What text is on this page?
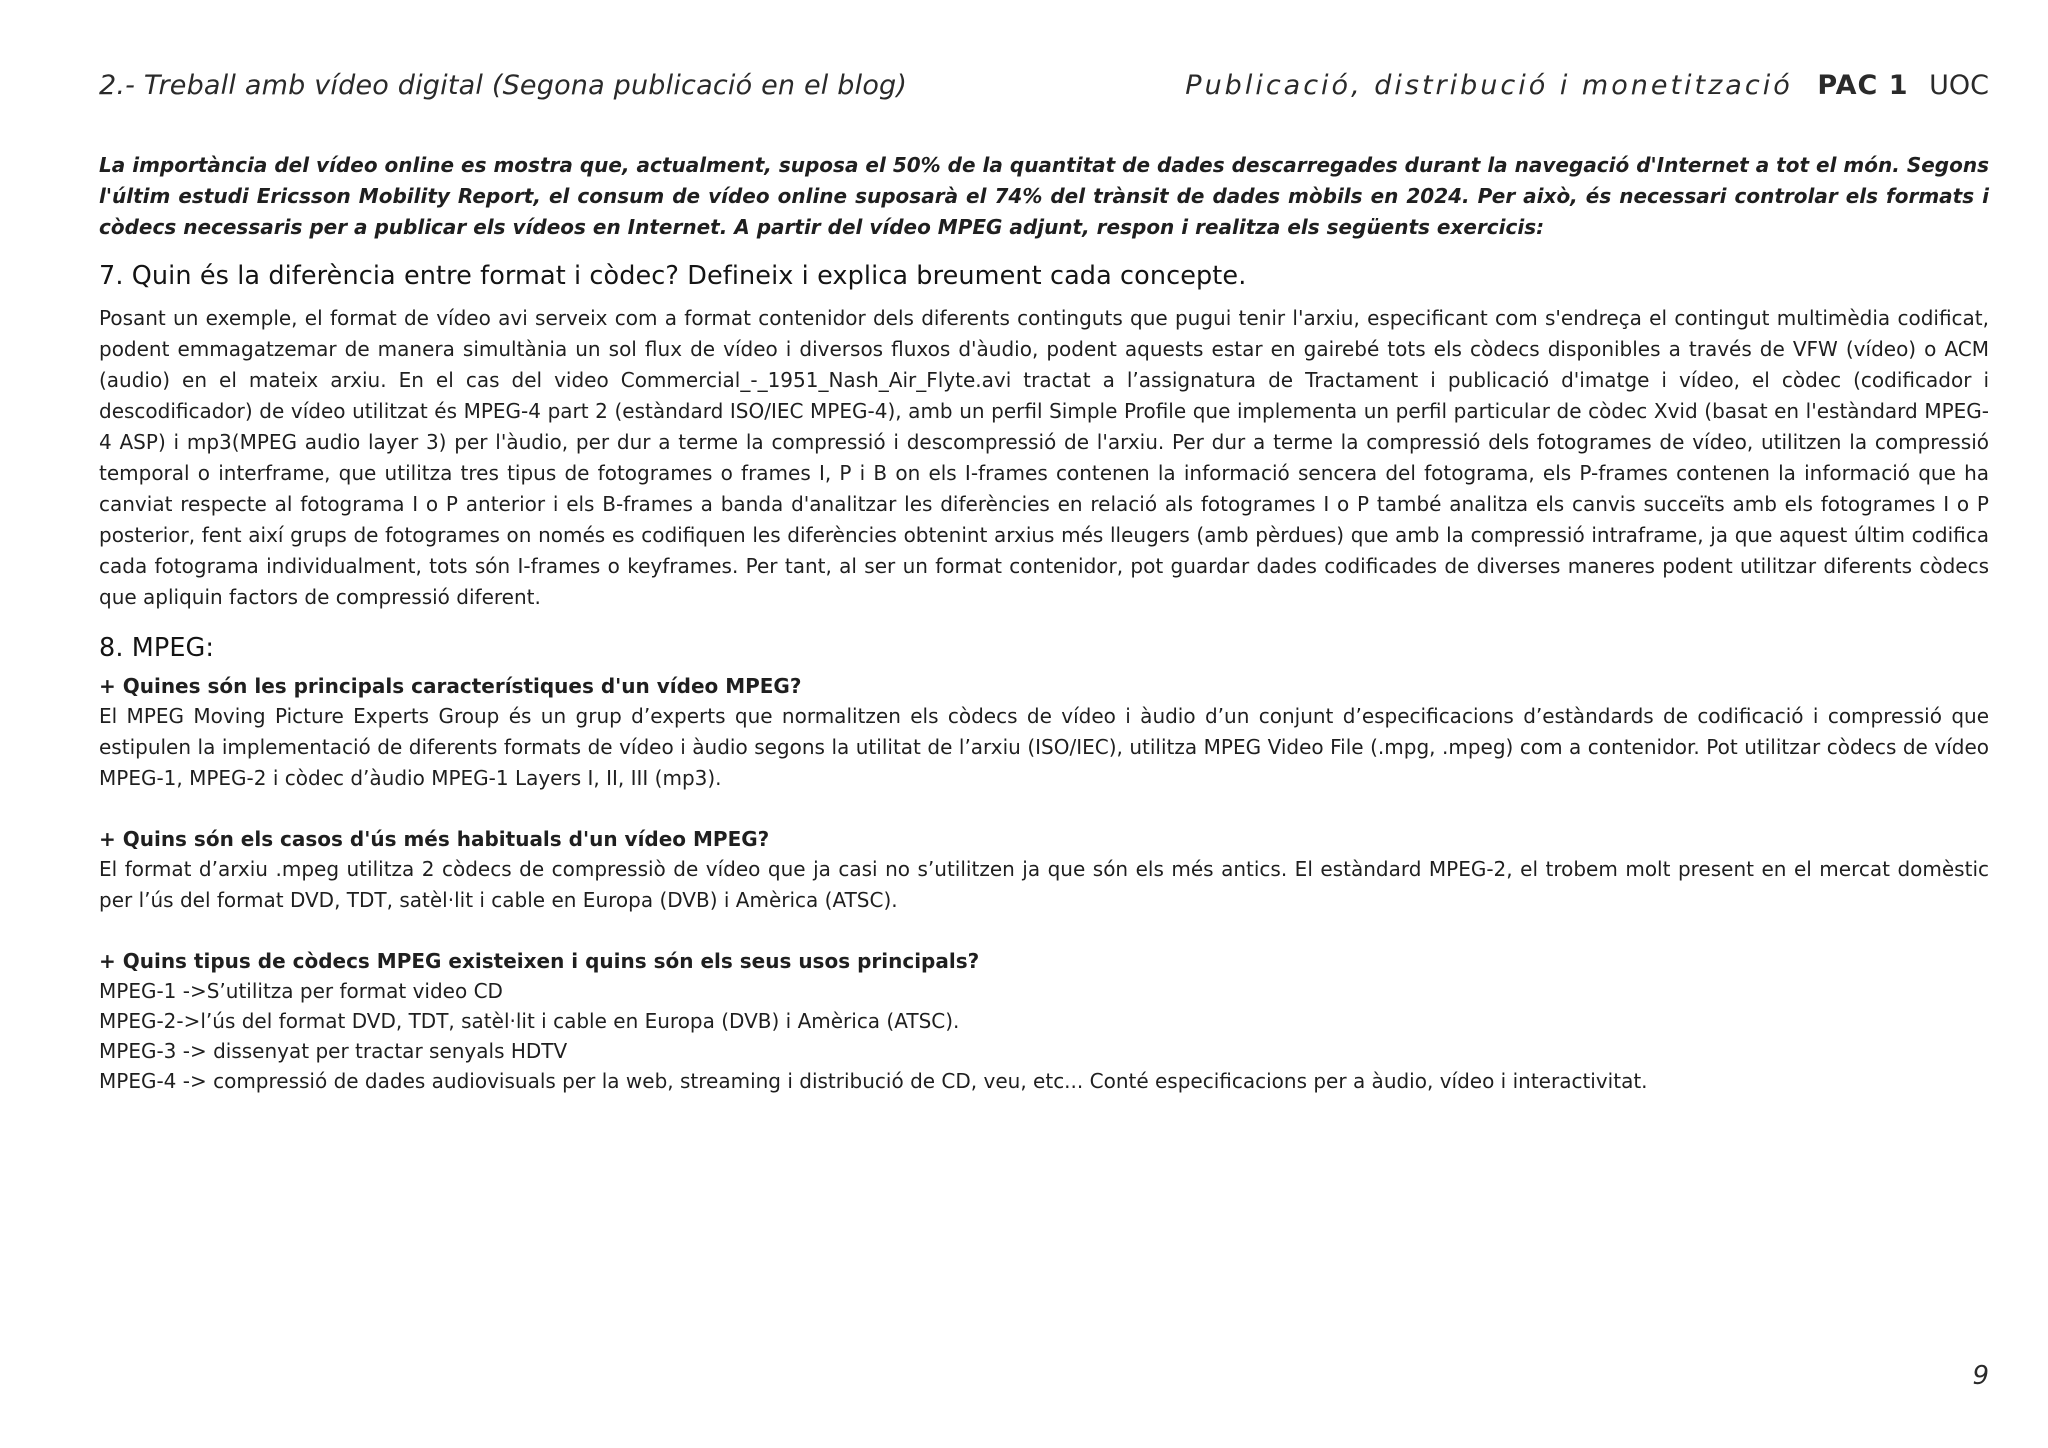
2.- Treball amb vídeo digital (Segona publicació en el blog)	Publicació, distribució i monetització PAC 1 UOC

La importància del vídeo online es mostra que, actualment, suposa el 50% de la quantitat de dades descarregades durant la navegació d'Internet a tot el món. Segons l'últim estudi Ericsson Mobility Report, el consum de vídeo online suposarà el 74% del trànsit de dades mòbils en 2024. Per això, és necessari controlar els formats i còdecs necessaris per a publicar els vídeos en Internet. A partir del vídeo MPEG adjunt, respon i realitza els següents exercicis:

7. Quin és la diferència entre format i còdec? Defineix i explica breument cada concepte.

Posant un exemple, el format de vídeo avi serveix com a format contenidor dels diferents continguts que pugui tenir l'arxiu, especificant com s'endreça el contingut multimèdia codificat, podent emmagatzemar de manera simultània un sol flux de vídeo i diversos fluxos d'àudio, podent aquests estar en gairebé tots els còdecs disponibles a través de VFW (vídeo) o ACM (audio) en el mateix arxiu. En el cas del video Commercial_-_1951_Nash_Air_Flyte.avi tractat a l’assignatura de Tractament i publicació d'imatge i vídeo, el còdec (codificador i descodificador) de vídeo utilitzat és MPEG-4 part 2 (estàndard ISO/IEC MPEG-4), amb un perfil Simple Profile que implementa un perfil particular de còdec Xvid (basat en l'estàndard MPEG-4 ASP) i mp3(MPEG audio layer 3) per l'àudio, per dur a terme la compressió i descompressió de l'arxiu. Per dur a terme la compressió dels fotogrames de vídeo, utilitzen la compressió temporal o interframe, que utilitza tres tipus de fotogrames o frames I, P i B on els I-frames contenen la informació sencera del fotograma, els P-frames contenen la informació que ha canviat respecte al fotograma I o P anterior i els B-frames a banda d'analitzar les diferències en relació als fotogrames I o P també analitza els canvis succeïts amb els fotogrames I o P posterior, fent així grups de fotogrames on només es codifiquen les diferències obtenint arxius més lleugers (amb pèrdues) que amb la compressió intraframe, ja que aquest últim codifica cada fotograma individualment, tots són I-frames o keyframes. Per tant, al ser un format contenidor, pot guardar dades codificades de diverses maneres podent utilitzar diferents còdecs que apliquin factors de compressió diferent.

8. MPEG:

+ Quines són les principals característiques d'un vídeo MPEG?

El MPEG Moving Picture Experts Group és un grup d’experts que normalitzen els còdecs de vídeo i àudio d’un conjunt d’especificacions d’estàndards de codificació i compressió que estipulen la implementació de diferents formats de vídeo i àudio segons la utilitat de l’arxiu (ISO/IEC), utilitza MPEG Video File (.mpg, .mpeg) com a contenidor. Pot utilitzar còdecs de vídeo MPEG-1, MPEG-2 i còdec d’àudio MPEG-1 Layers I, II, III (mp3).

+ Quins són els casos d'ús més habituals d'un vídeo MPEG?

El format d’arxiu .mpeg utilitza 2 còdecs de compressiò de vídeo que ja casi no s’utilitzen ja que són els més antics. El estàndard MPEG-2, el trobem molt present en el mercat domèstic per l’ús del format DVD, TDT, satèl·lit i cable en Europa (DVB) i Amèrica (ATSC).

+ Quins tipus de còdecs MPEG existeixen i quins són els seus usos principals?

MPEG-1 ->S’utilitza per format video CD
MPEG-2->l’ús del format DVD, TDT, satèl·lit i cable en Europa (DVB) i Amèrica (ATSC).
MPEG-3 -> dissenyat per tractar senyals HDTV
MPEG-4 -> compressió de dades audiovisuals per la web, streaming i distribució de CD, veu, etc... Conté especificacions per a àudio, vídeo i interactivitat.
9
